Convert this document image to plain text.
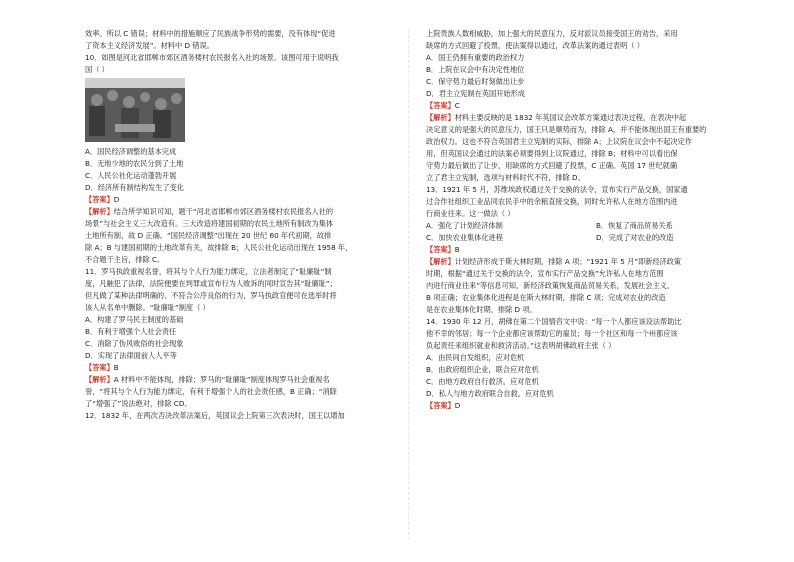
效率。所以 C 错误；材料中的措施顺应了民族战争形势的需要，没有体现“促进

了资本主义经济发展”。材料中 D 错误。

10．如图是河北省邯郸市郊区酒务楼村农民报名入社的场景。该图可用于说明我

国（ ）

A．国民经济调整的基本完成

B．无地少地的农民分到了土地

C．人民公社化运动蓬勃开展

D．经济所有制结构发生了变化

【答案】D

【解析】结合所学知识可知，题干“河北省邯郸市郊区酒务楼村农民报名入社的

场景”与社会主义三大改造有。三大改造将建国初期的农民土地所有制改为集体

土地所有制，故 D 正确。“国民经济调整”出现在 20 世纪 60 年代初期，故排

除 A；B 与建国初期的土地改革有关，故排除 B；人民公社化运动出现在 1958 年，

不合题干主旨，排除 C。

11．罗马执政重视名誉，将其与个人行为能力绑定，立法者制定了“耻廉耻”制

度，凡触犯了法律，法院便要在判罪或宣布行为人败诉的同时宣告其“耻廉耻”；

但凡做了某种法律明确的、不符合公序良俗的行为，罗马执政官便可在选举时将

该人从名单中删除。“耻廉耻”制度（ ）

A．构建了罗马民主制度的基础

B．有利于增强个人社会责任

C．消除了伪风败俗的社会现象

D．实现了法律面前人人平等

【答案】B

【解析】A 材料中不能体现，排除；罗马的“耻廉耻”制度体现罗马社会重视名

誉，“将其与个人行为能力绑定，有利于增强个人的社会责任感，B 正确；“消除

了“增强了”说法绝对，排除 CD。

12．1832 年，在两次否决改革法案后，英国议会上院第三次表决时，国王以增加

上院贵族人数相威胁，加上强大的民意压力，反对派议员接受国王的劝告，采用

缺席的方式回避了投票，使法案得以通过，改革法案的通过表明（ ）

A．国王仍拥有重要的政治权力

B．上院在议会中有决定性地位

C．保守势力最后时刻做出让步

D．君主立宪制在英国开始形成

【答案】C

【解析】材料主要反映的是 1832 年英国议会改革方案通过表决过程，在表决中起

决定意义的是强大的民意压力，国王只是顺势而为，排除 A，并不能体现出国王有重要的

政治权力。这也不符合英国君主立宪制的实际，排除 A；上议院在议会中不起决定作

用，但英国议会通过的法案必须要得到上议院通过，排除 B；材料中可以看出保

守势力最后做出了让步，用缺席的方式回避了投票，C 正确。英国 17 世纪就确

立了君主立宪制，选项与材料时代不符，排除 D。

13．1921 年 5 月，苏维埃政权通过关于交换的法令，宣布实行产品交换，国家通

过合作社组织工业品同农民手中的余粮直接交换，同时允许私人在地方范围内进

行商业往来。这一做法（ ）

A．强化了计划经济体制	B．恢复了商品贸易关系

C．加快农业集体化进程	D．完成了对农业的改造

【答案】B

【解析】计划经济形成于斯大林时期，排除 A 项；“1921 年 5 月”即新经济政策

时期，根据“通过关于交换的法令，宣布实行产品交换”允许私人在地方范围

内进行商业往来”等信息可知，新经济政策恢复商品贸易关系，发展社会主义，

B 项正确；农业集体化进程是在斯大林时期，排除 C 项；完成对农业的改造

是在农业集体化时期，排除 D 项。

14．1930 年 12 月，胡佛在第二个国情咨文中说：“每一个人都应该设法帮助比

他不幸的邻居；每一个企业都应该帮助它的雇员；每一个社区和每一个州都应该

负起责任来组织就业和救济活动。”这表明胡佛政府主张（ ）

A．由民间自发组织，应对危机

B．由政府组织企业，联合应对危机

C．由地方政府自行救济，应对危机

D．私人与地方政府联合自救，应对危机

【答案】D
